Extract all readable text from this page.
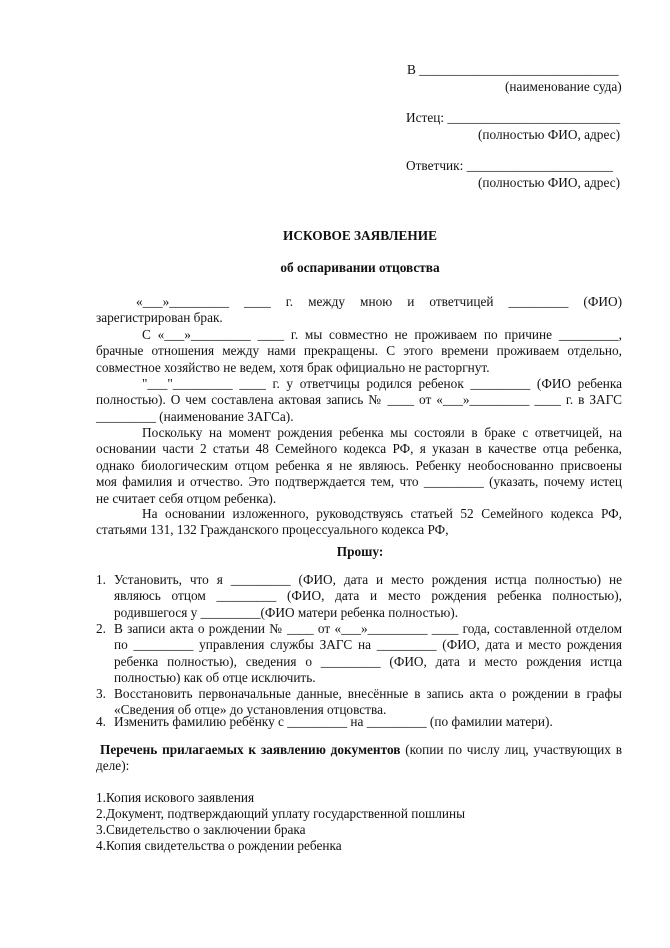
В ______________________________
(наименование суда)
Истец: __________________________
(полностью ФИО, адрес)
Ответчик: ______________________
(полностью ФИО, адрес)
ИСКОВОЕ ЗАЯВЛЕНИЕ
об оспаривании отцовства
«___»_________ ____ г. между мною и ответчицей _________ (ФИО)
зарегистрирован брак.
С «___»_________ ____ г. мы совместно не проживаем по причине _________,
брачные отношения между нами прекращены. С этого времени проживаем отдельно,
совместное хозяйство не ведем, хотя брак официально не расторгнут.
"___"_________ ____ г. у ответчицы родился ребенок _________ (ФИО ребенка
полностью). О чем составлена актовая запись № ____ от «___»_________ ____ г. в ЗАГС
_________ (наименование ЗАГСа).
Поскольку на момент рождения ребенка мы состояли в браке с ответчицей, на
основании части 2 статьи 48 Семейного кодекса РФ, я указан в качестве отца ребенка,
однако биологическим отцом ребенка я не являюсь. Ребенку необоснованно присвоены
моя фамилия и отчество. Это подтверждается тем, что _________ (указать, почему истец
не считает себя отцом ребенка).
На основании изложенного, руководствуясь статьей 52 Семейного кодекса РФ,
статьями 131, 132 Гражданского процессуального кодекса РФ,
Прошу:
1. Установить, что я _________ (ФИО, дата и место рождения истца полностью) не
являюсь отцом _________ (ФИО, дата и место рождения ребенка полностью),
родившегося у _________(ФИО матери ребенка полностью).
2. В записи акта о рождении № ____ от «___»_________ ____ года, составленной отделом
по _________ управления службы ЗАГС на _________ (ФИО, дата и место рождения
ребенка полностью), сведения о _________ (ФИО, дата и место рождения истца
полностью) как об отце исключить.
3. Восстановить первоначальные данные, внесённые в запись акта о рождении в графы
«Сведения об отце» до установления отцовства.
4. Изменить фамилию ребёнку с _________ на _________ (по фамилии матери).
Перечень прилагаемых к заявлению документов (копии по числу лиц, участвующих в
деле):
1.Копия искового заявления
2.Документ, подтверждающий уплату государственной пошлины
3.Свидетельство о заключении брака
4.Копия свидетельства о рождении ребенка
